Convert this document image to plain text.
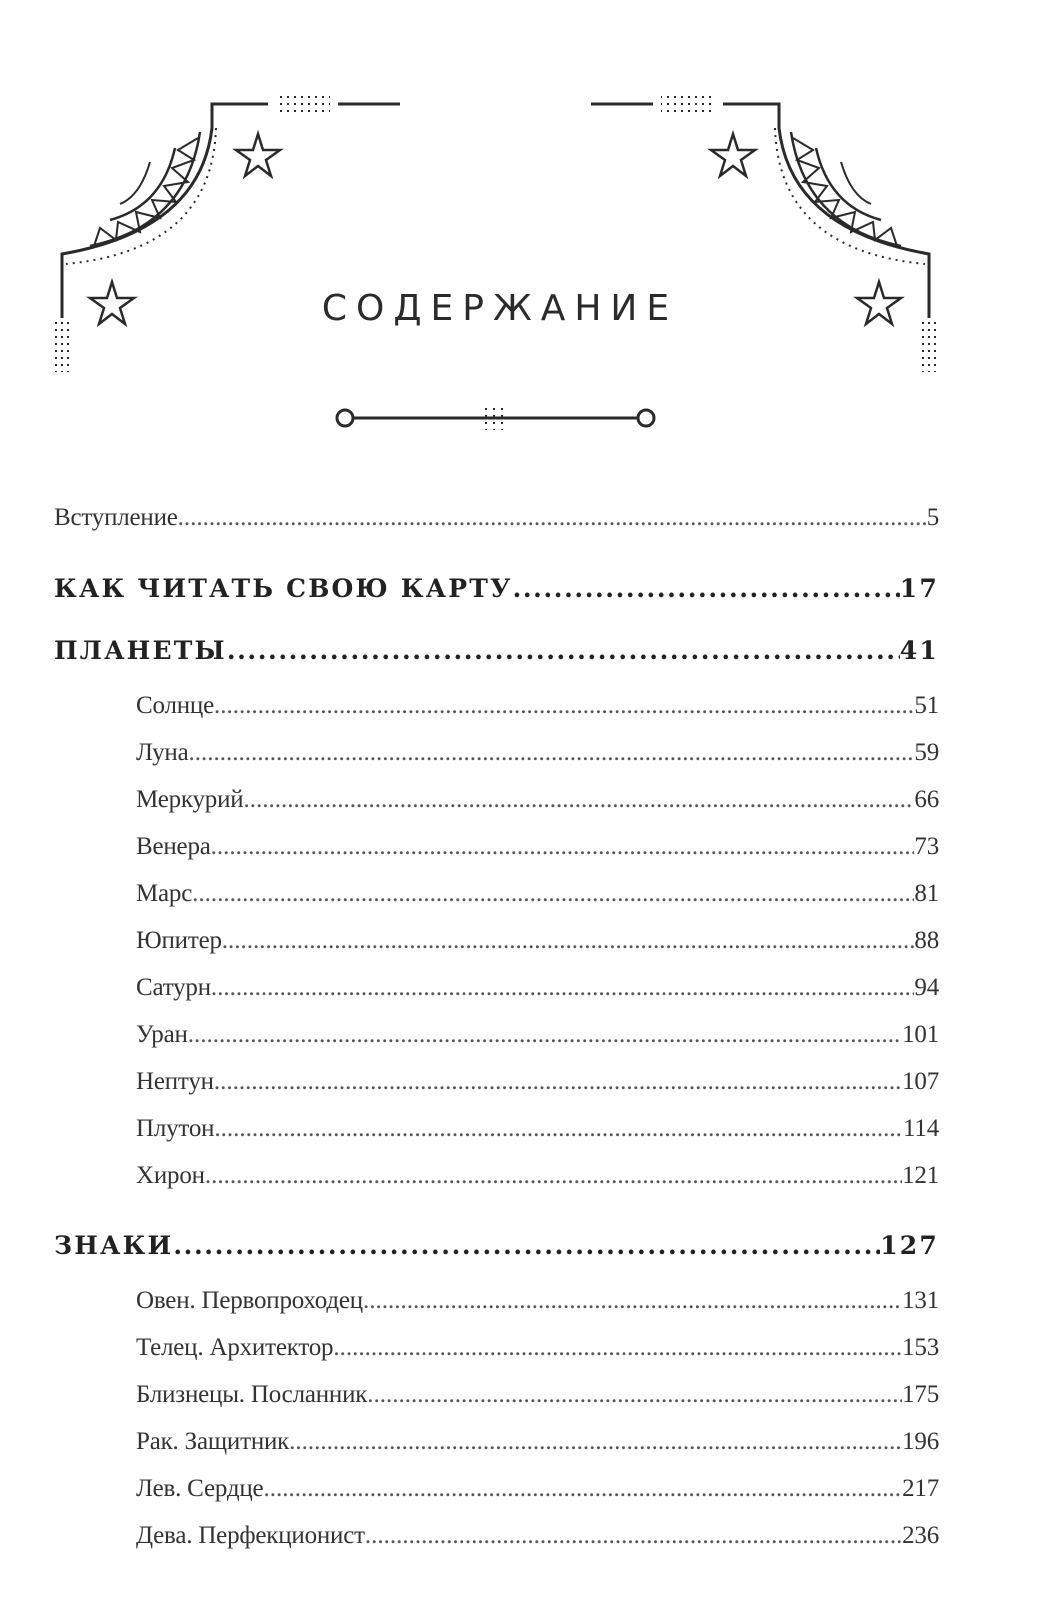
СОДЕРЖАНИЕ
Вступление .....	5
КАК ЧИТАТЬ СВОЮ КАРТУ .....	17
ПЛАНЕТЫ .....	41
Солнце .....	51
Луна .....	59
Меркурий .....	66
Венера .....	73
Марс .....	81
Юпитер .....	88
Сатурн .....	94
Уран .....	101
Нептун .....	107
Плутон .....	114
Хирон .....	121
ЗНАКИ .....	127
Овен. Первопроходец .....	131
Телец. Архитектор .....	153
Близнецы. Посланник .....	175
Рак. Защитник .....	196
Лев. Сердце .....	217
Дева. Перфекционист .....	236
